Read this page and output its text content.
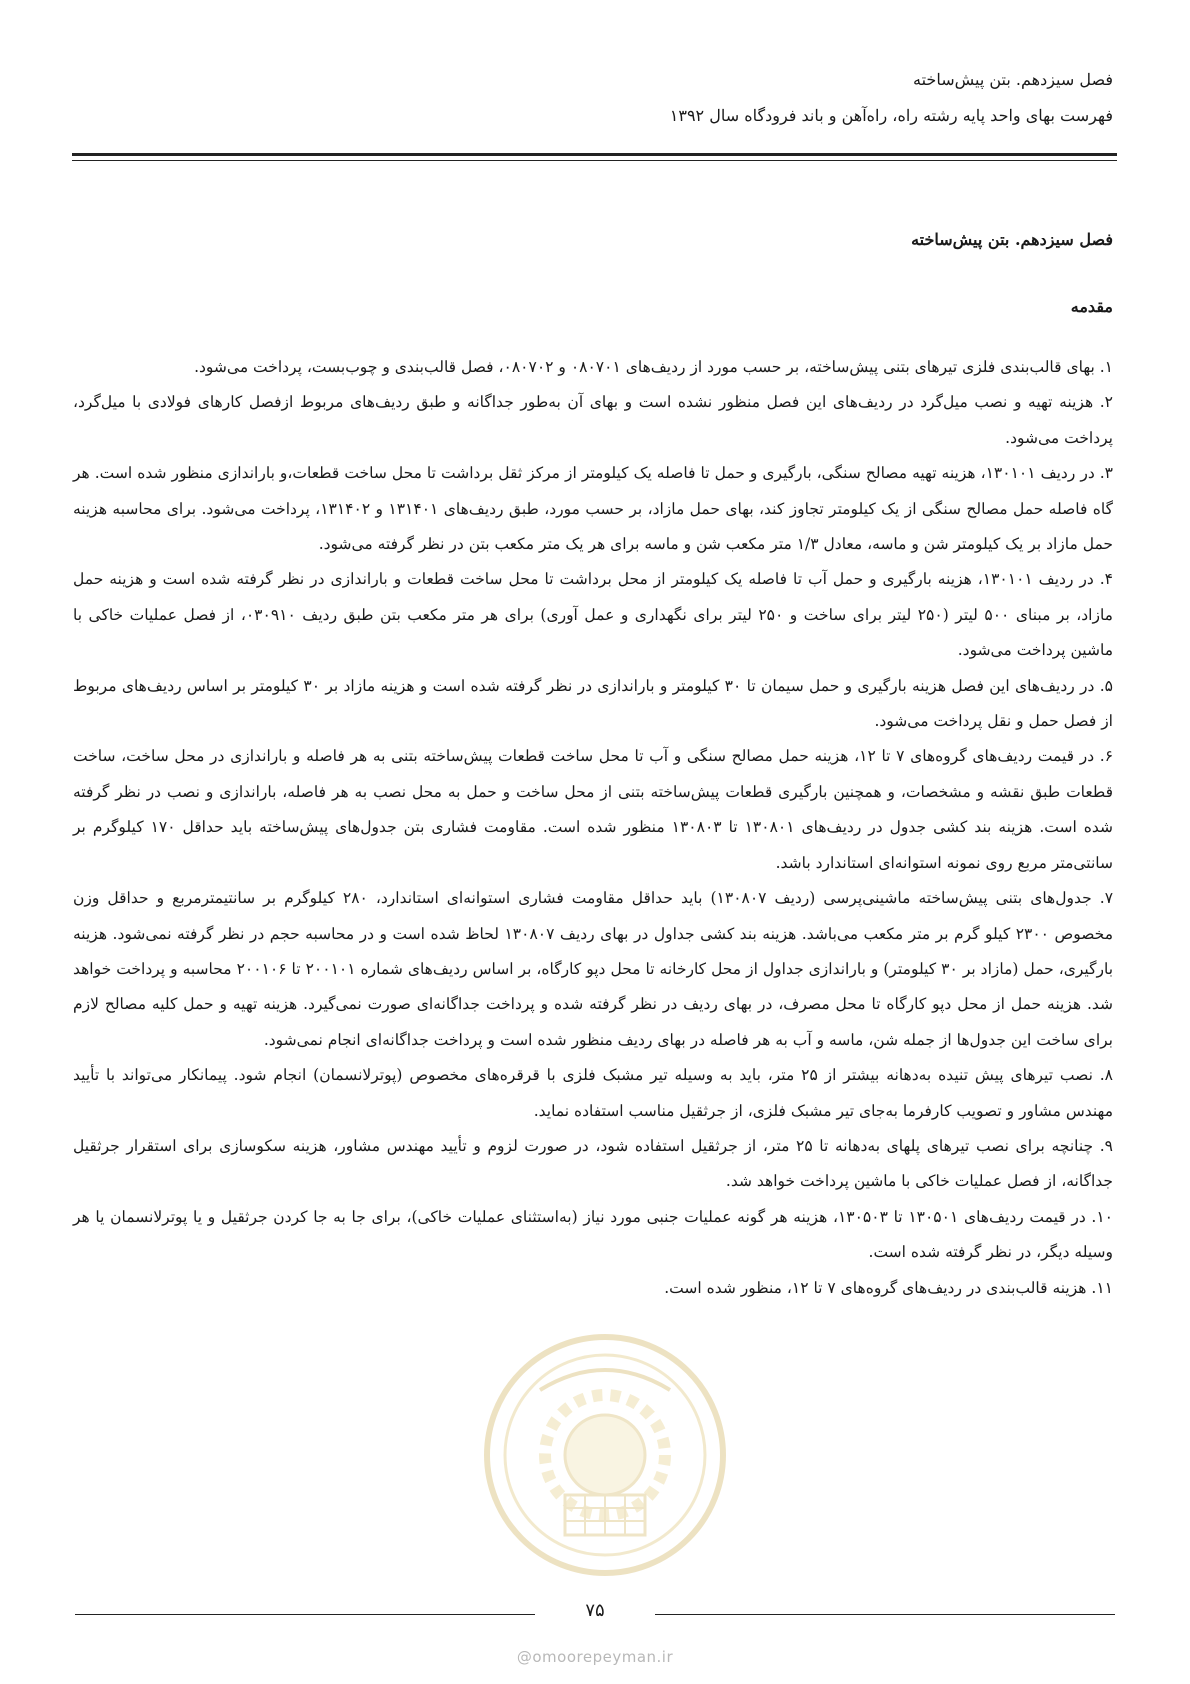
فصل سیزدهم. بتن پیش‌ساخته
فهرست بهای واحد پایه رشته راه، راه‌آهن و باند فرودگاه سال ۱۳۹۲
فصل سیزدهم. بتن پیش‌ساخته
مقدمه

۱. بهای قالب‌بندی فلزی تیرهای بتنی پیش‌ساخته، بر حسب مورد از ردیف‌های ۰۸۰۷۰۱ و ۰۸۰۷۰۲، فصل قالب‌بندی و چوب‌بست، پرداخت می‌شود.

۲. هزینه تهیه و نصب میل‌گرد در ردیف‌های این فصل منظور نشده است و بهای آن به‌طور جداگانه و طبق ردیف‌های مربوط ازفصل کارهای فولادی با میل‌گرد، پرداخت می‌شود.

۳. در ردیف ۱۳۰۱۰۱، هزینه تهیه مصالح سنگی، بارگیری و حمل تا فاصله یک کیلومتر از مرکز ثقل برداشت تا محل ساخت قطعات،و باراندازی منظور شده است. هر گاه فاصله حمل مصالح سنگی از یک کیلومتر تجاوز کند، بهای حمل مازاد، بر حسب مورد، طبق ردیف‌های ۱۳۱۴۰۱ و ۱۳۱۴۰۲، پرداخت می‌شود. برای محاسبه هزینه حمل مازاد بر یک کیلومتر شن و ماسه، معادل ۱/۳ متر مکعب شن و ماسه برای هر یک متر مکعب بتن در نظر گرفته می‌شود.

۴. در ردیف ۱۳۰۱۰۱، هزینه بارگیری و حمل آب تا فاصله یک کیلومتر از محل برداشت تا محل ساخت قطعات و باراندازی در نظر گرفته شده است و هزینه حمل مازاد، بر مبنای ۵۰۰ لیتر (۲۵۰ لیتر برای ساخت و ۲۵۰ لیتر برای نگهداری و عمل آوری) برای هر متر مکعب بتن طبق ردیف ۰۳۰۹۱۰، از فصل عملیات خاکی با ماشین پرداخت می‌شود.

۵. در ردیف‌های این فصل هزینه بارگیری و حمل سیمان تا ۳۰ کیلومتر و باراندازی در نظر گرفته شده است و هزینه مازاد بر ۳۰ کیلومتر بر اساس ردیف‌های مربوط از فصل حمل و نقل پرداخت می‌شود.

۶. در قیمت ردیف‌های گروه‌های ۷ تا ۱۲، هزینه حمل مصالح سنگی و آب تا محل ساخت قطعات پیش‌ساخته بتنی به هر فاصله و باراندازی در محل ساخت، ساخت قطعات طبق نقشه و مشخصات، و همچنین بارگیری قطعات پیش‌ساخته بتنی از محل ساخت و حمل به محل نصب به هر فاصله، باراندازی و نصب در نظر گرفته شده است. هزینه بند کشی جدول در ردیف‌های ۱۳۰۸۰۱ تا ۱۳۰۸۰۳ منظور شده است. مقاومت فشاری بتن جدول‌های پیش‌ساخته باید حداقل ۱۷۰ کیلوگرم بر سانتی‌متر مربع روی نمونه استوانه‌ای استاندارد باشد.

۷. جدول‌های بتنی پیش‌ساخته ماشینی‌پرسی (ردیف ۱۳۰۸۰۷) باید حداقل مقاومت فشاری استوانه‌ای استاندارد، ۲۸۰ کیلوگرم بر سانتیمترمربع و حداقل وزن مخصوص ۲۳۰۰ کیلو گرم بر متر مکعب می‌باشد. هزینه بند کشی جداول در بهای ردیف ۱۳۰۸۰۷ لحاظ شده است و در محاسبه حجم در نظر گرفته نمی‌شود. هزینه بارگیری، حمل (مازاد بر ۳۰ کیلومتر) و باراندازی جداول از محل کارخانه تا محل دپو کارگاه، بر اساس ردیف‌های شماره ۲۰۰۱۰۱ تا ۲۰۰۱۰۶ محاسبه و پرداخت خواهد شد. هزینه حمل از محل دپو کارگاه تا محل مصرف، در بهای ردیف در نظر گرفته شده و پرداخت جداگانه‌ای صورت نمی‌گیرد. هزینه تهیه و حمل کلیه مصالح لازم برای ساخت این جدول‌ها از جمله شن، ماسه و آب به هر فاصله در بهای ردیف منظور شده است و پرداخت جداگانه‌ای انجام نمی‌شود.

۸. نصب تیرهای پیش تنیده به‌دهانه بیشتر از ۲۵ متر، باید به وسیله تیر مشبک فلزی با قرقره‌های مخصوص (پوترلانسمان) انجام شود. پیمانکار می‌تواند با تأیید مهندس مشاور و تصویب کارفرما به‌جای تیر مشبک فلزی، از جرثقیل مناسب استفاده نماید.

۹. چنانچه برای نصب تیرهای پلهای به‌دهانه تا ۲۵ متر، از جرثقیل استفاده شود، در صورت لزوم و تأیید مهندس مشاور، هزینه سکوسازی برای استقرار جرثقیل جداگانه، از فصل عملیات خاکی با ماشین پرداخت خواهد شد.

۱۰. در قیمت ردیف‌های ۱۳۰۵۰۱ تا ۱۳۰۵۰۳، هزینه هر گونه عملیات جنبی مورد نیاز (به‌استثنای عملیات خاکی)، برای جا به جا کردن جرثقیل و یا پوترلانسمان یا هر وسیله دیگر، در نظر گرفته شده است.

۱۱. هزینه قالب‌بندی در ردیف‌های گروه‌های ۷ تا ۱۲، منظور شده است.

۷۵
@omoorepeyman.ir
